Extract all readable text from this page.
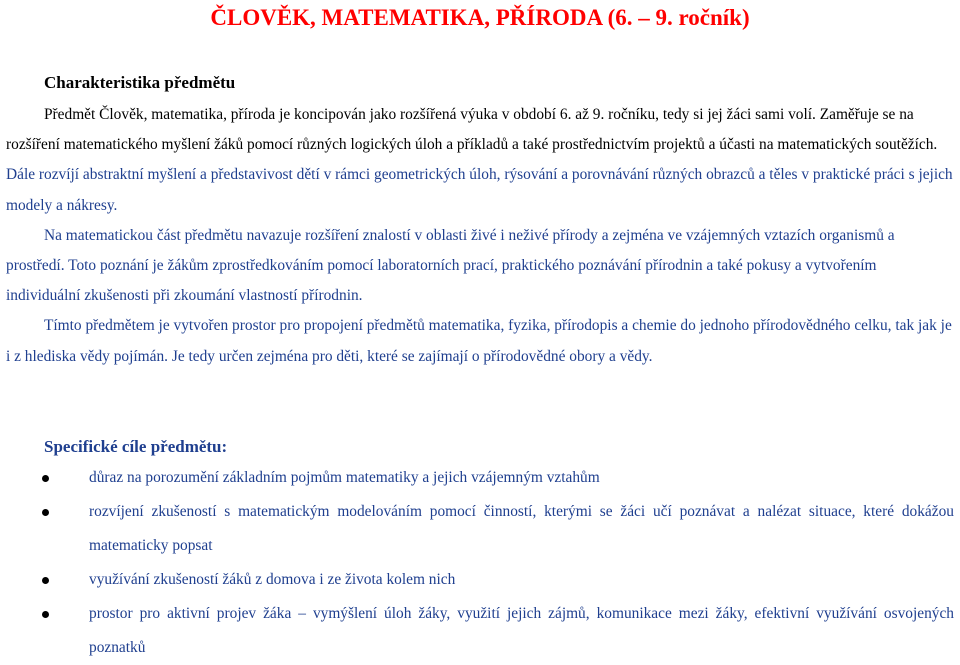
ČLOVĚK, MATEMATIKA, PŘÍRODA (6. – 9. ročník)
Charakteristika předmětu

Předmět Člověk, matematika, příroda je koncipován jako rozšířená výuka v období 6. až 9. ročníku, tedy si jej žáci sami volí. Zaměřuje se na rozšíření matematického myšlení žáků pomocí různých logických úloh a příkladů a také prostřednictvím projektů a účasti na matematických soutěžích. Dále rozvíjí abstraktní myšlení a představivost dětí v rámci geometrických úloh, rýsování a porovnávání různých obrazců a těles v praktické práci s jejich modely a nákresy.

Na matematickou část předmětu navazuje rozšíření znalostí v oblasti živé i neživé přírody a zejména ve vzájemných vztazích organismů a prostředí. Toto poznání je žákům zprostředkováním pomocí laboratorních prací, praktického poznávání přírodnin a také pokusy a vytvořením individuální zkušenosti při zkoumání vlastností přírodnin.

Tímto předmětem je vytvořen prostor pro propojení předmětů matematika, fyzika, přírodopis a chemie do jednoho přírodovědného celku, tak jak je i z hlediska vědy pojímán. Je tedy určen zejména pro děti, které se zajímají o přírodovědné obory a vědy.

Specifické cíle předmětu:
důraz na porozumění základním pojmům matematiky a jejich vzájemným vztahům
rozvíjení zkušeností s matematickým modelováním pomocí činností, kterými se žáci učí poznávat a nalézat situace, které dokážou matematicky popsat
využívání zkušeností žáků z domova i ze života kolem nich
prostor pro aktivní projev žáka – vymýšlení úloh žáky, využití jejich zájmů, komunikace mezi žáky, efektivní využívání osvojených poznatků
